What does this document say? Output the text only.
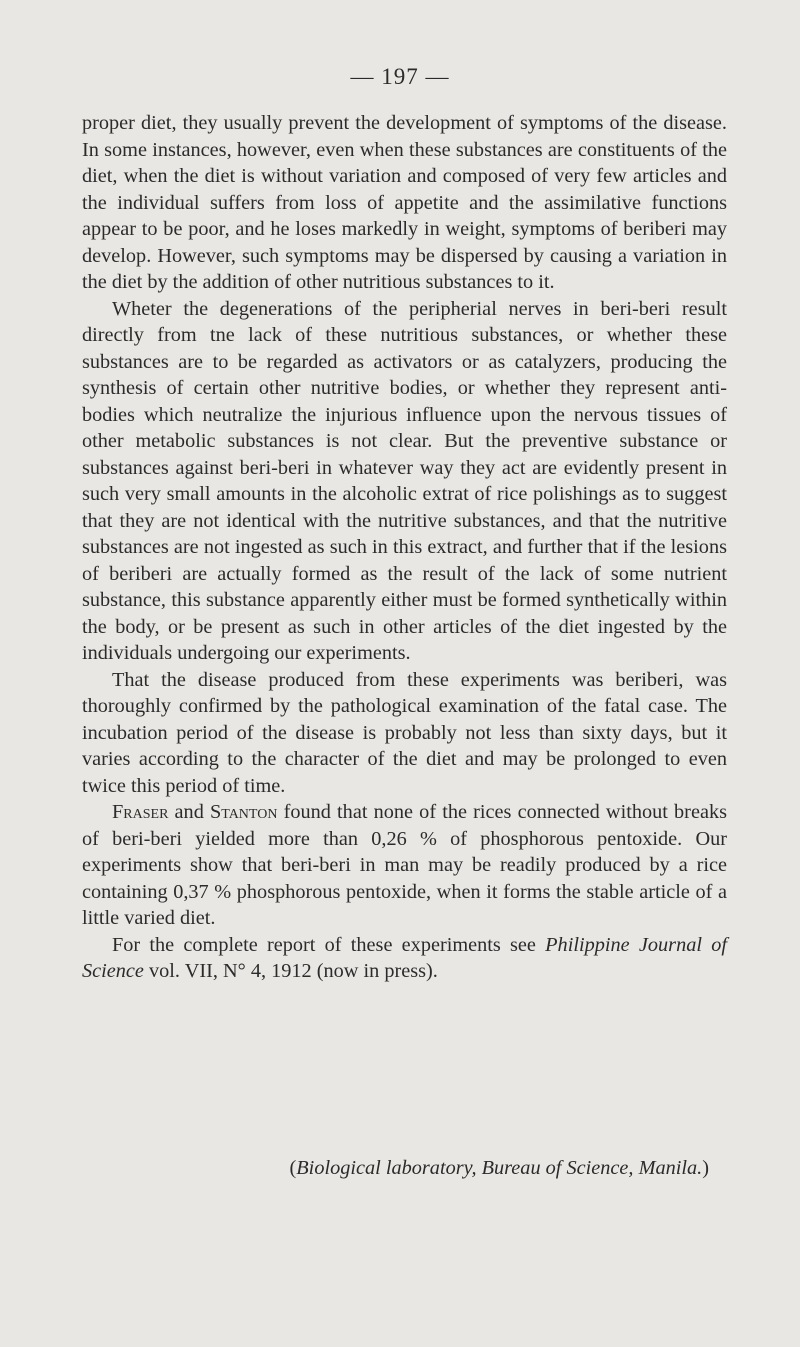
— 197 —

proper diet, they usually prevent the development of symptoms of the disease. In some instances, however, even when these substances are constituents of the diet, when the diet is without variation and composed of very few articles and the individual suffers from loss of appetite and the assimilative functions appear to be poor, and he loses markedly in weight, symptoms of beriberi may develop. However, such symptoms may be dispersed by causing a variation in the diet by the addition of other nutritious substances to it.

Wheter the degenerations of the peripherial nerves in beri-beri result directly from tne lack of these nutritious substances, or whether these substances are to be regarded as activators or as catalyzers, producing the synthesis of certain other nutritive bodies, or whether they represent anti-bodies which neutralize the injurious influence upon the nervous tissues of other metabolic substances is not clear. But the preventive substance or substances against beri-beri in whatever way they act are evidently present in such very small amounts in the alcoholic extrat of rice polishings as to suggest that they are not identical with the nutritive substances, and that the nutritive substances are not ingested as such in this extract, and further that if the lesions of beriberi are actually formed as the result of the lack of some nutrient substance, this substance apparently either must be formed synthetically within the body, or be present as such in other articles of the diet ingested by the individuals undergoing our experiments.

That the disease produced from these experiments was beriberi, was thoroughly confirmed by the pathological examination of the fatal case. The incubation period of the disease is probably not less than sixty days, but it varies according to the character of the diet and may be prolonged to even twice this period of time.

Fraser and Stanton found that none of the rices connected without breaks of beri-beri yielded more than 0,26 % of phosphorous pentoxide. Our experiments show that beri-beri in man may be readily produced by a rice containing 0,37 % phosphorous pentoxide, when it forms the stable article of a little varied diet.

For the complete report of these experiments see Philippine Journal of Science vol. VII, N° 4, 1912 (now in press).

(Biological laboratory, Bureau of Science, Manila.)
